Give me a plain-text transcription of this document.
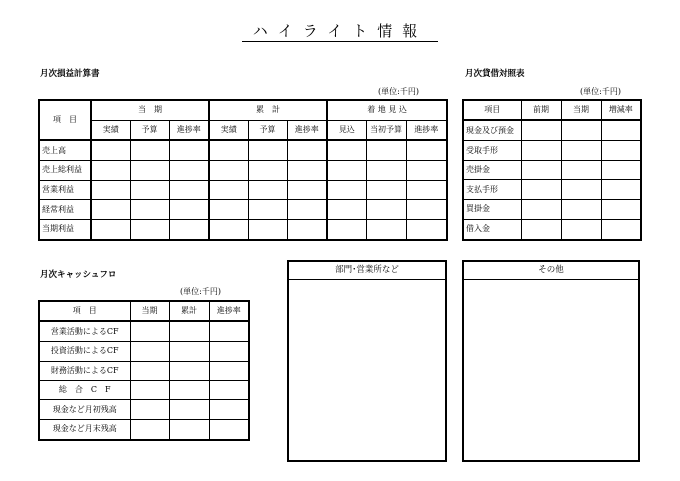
ハイライト情報
月次損益計算書
(単位:千円)
項　目	当　期			累　計			着 地 見 込		
	実績	予算	進捗率	実績	予算	進捗率	見込	当初予算	進捗率
売上高									
売上総利益									
営業利益									
経常利益									
当期利益									
月次貸借対照表
(単位:千円)
項目	前期	当期	増減率
現金及び預金			
受取手形			
売掛金			
支払手形			
買掛金			
借入金			
月次キャッシュフロ
(単位:千円)
項　目	当期	累計	進捗率
営業活動によるCF			
投資活動によるCF			
財務活動によるCF			
総　合　C　F			
現金など月初残高			
現金など月末残高			
部門･営業所など	その他
